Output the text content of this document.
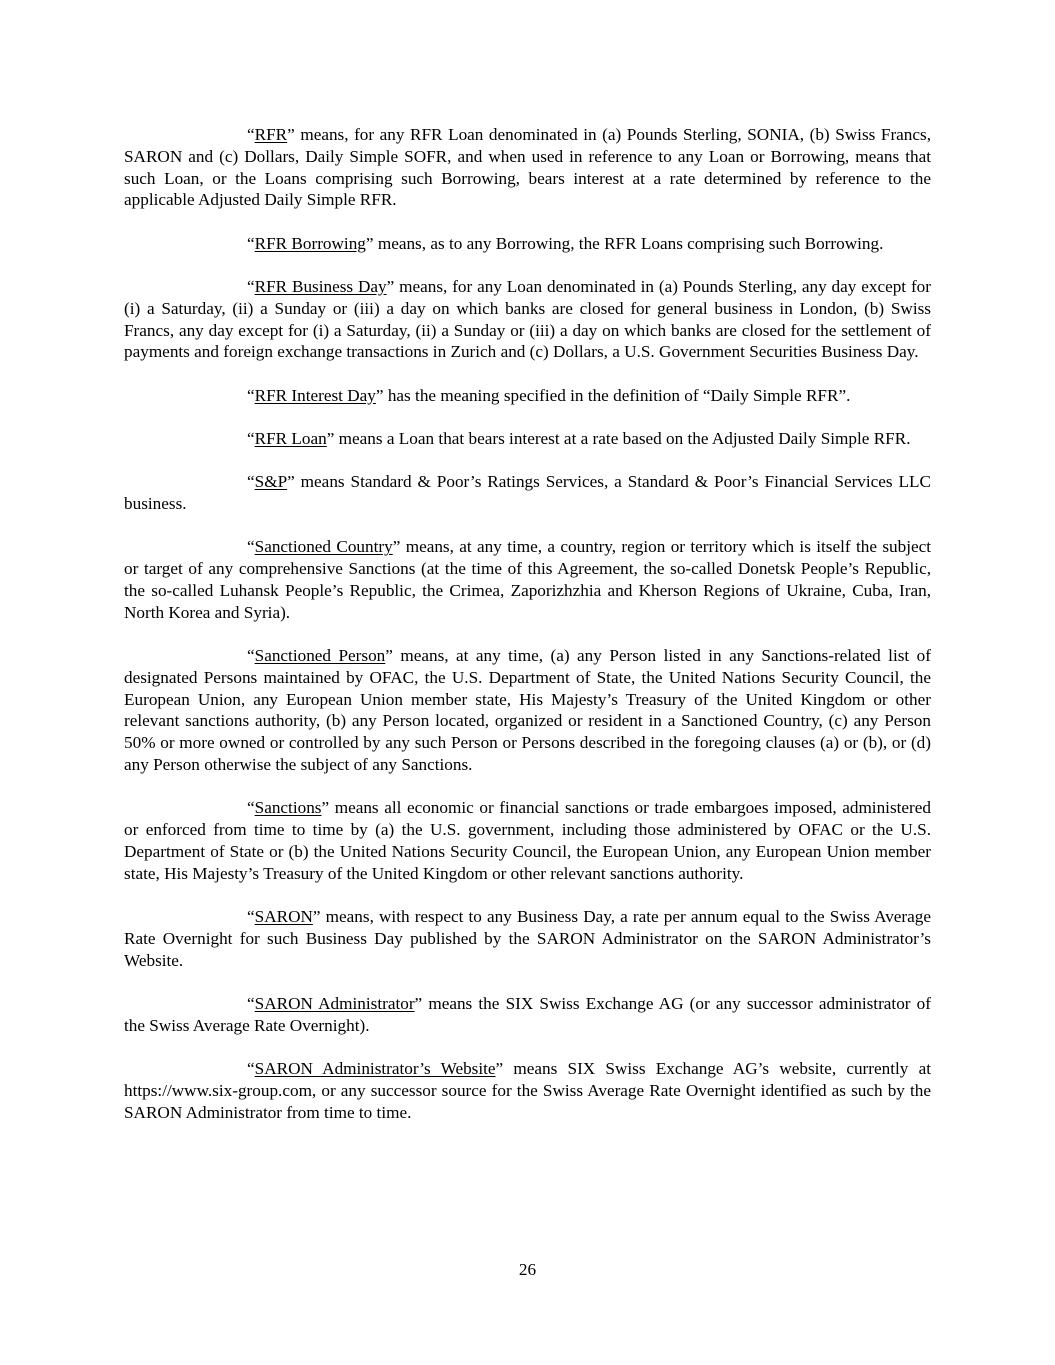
“RFR” means, for any RFR Loan denominated in (a) Pounds Sterling, SONIA, (b) Swiss Francs, SARON and (c) Dollars, Daily Simple SOFR, and when used in reference to any Loan or Borrowing, means that such Loan, or the Loans comprising such Borrowing, bears interest at a rate determined by reference to the applicable Adjusted Daily Simple RFR.

“RFR Borrowing” means, as to any Borrowing, the RFR Loans comprising such Borrowing.

“RFR Business Day” means, for any Loan denominated in (a) Pounds Sterling, any day except for (i) a Saturday, (ii) a Sunday or (iii) a day on which banks are closed for general business in London, (b) Swiss Francs, any day except for (i) a Saturday, (ii) a Sunday or (iii) a day on which banks are closed for the settlement of payments and foreign exchange transactions in Zurich and (c) Dollars, a U.S. Government Securities Business Day.

“RFR Interest Day” has the meaning specified in the definition of “Daily Simple RFR”.

“RFR Loan” means a Loan that bears interest at a rate based on the Adjusted Daily Simple RFR.

“S&P” means Standard & Poor’s Ratings Services, a Standard & Poor’s Financial Services LLC business.

“Sanctioned Country” means, at any time, a country, region or territory which is itself the subject or target of any comprehensive Sanctions (at the time of this Agreement, the so-called Donetsk People’s Republic, the so-called Luhansk People’s Republic, the Crimea, Zaporizhzhia and Kherson Regions of Ukraine, Cuba, Iran, North Korea and Syria).

“Sanctioned Person” means, at any time, (a) any Person listed in any Sanctions-related list of designated Persons maintained by OFAC, the U.S. Department of State, the United Nations Security Council, the European Union, any European Union member state, His Majesty’s Treasury of the United Kingdom or other relevant sanctions authority, (b) any Person located, organized or resident in a Sanctioned Country, (c) any Person 50% or more owned or controlled by any such Person or Persons described in the foregoing clauses (a) or (b), or (d) any Person otherwise the subject of any Sanctions.

“Sanctions” means all economic or financial sanctions or trade embargoes imposed, administered or enforced from time to time by (a) the U.S. government, including those administered by OFAC or the U.S. Department of State or (b) the United Nations Security Council, the European Union, any European Union member state, His Majesty’s Treasury of the United Kingdom or other relevant sanctions authority.

“SARON” means, with respect to any Business Day, a rate per annum equal to the Swiss Average Rate Overnight for such Business Day published by the SARON Administrator on the SARON Administrator’s Website.

“SARON Administrator” means the SIX Swiss Exchange AG (or any successor administrator of the Swiss Average Rate Overnight).

“SARON Administrator’s Website” means SIX Swiss Exchange AG’s website, currently at https://www.six-group.com, or any successor source for the Swiss Average Rate Overnight identified as such by the SARON Administrator from time to time.

26
